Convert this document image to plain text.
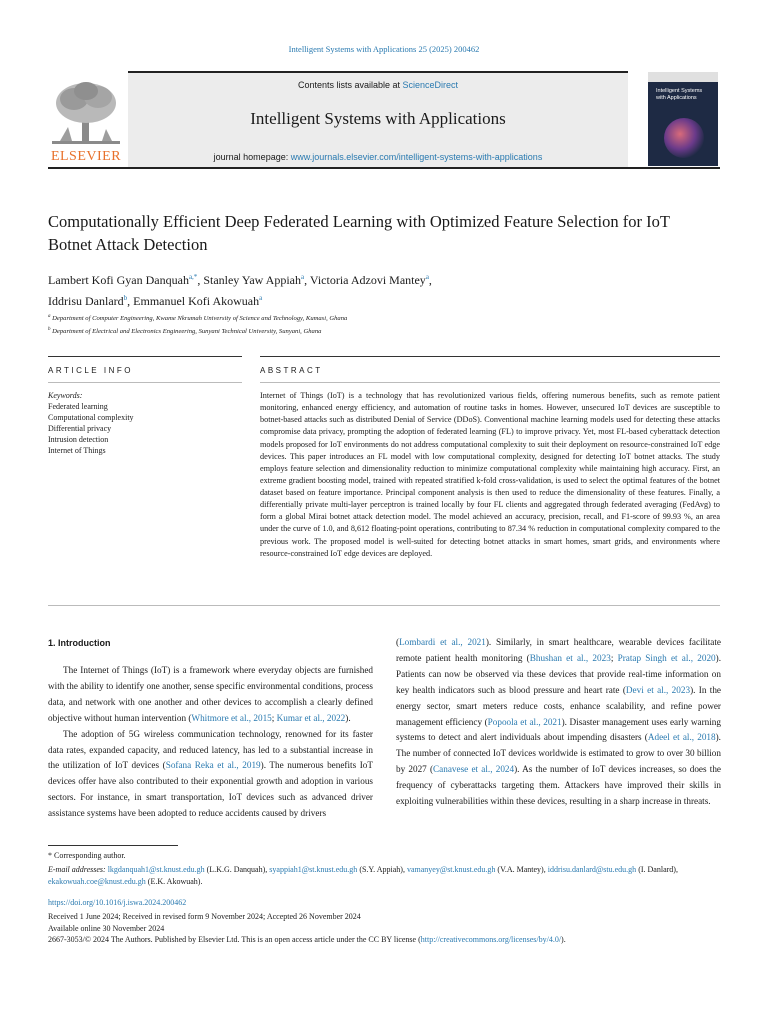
Intelligent Systems with Applications 25 (2025) 200462
ELSEVIER
Contents lists available at ScienceDirect
Intelligent Systems with Applications
journal homepage: www.journals.elsevier.com/intelligent-systems-with-applications
Intelligent Systems with Applications
Computationally Efficient Deep Federated Learning with Optimized Feature Selection for IoT Botnet Attack Detection
Lambert Kofi Gyan Danquah$^{a,*}$, Stanley Yaw Appiah$^a$, Victoria Adzovi Mantey$^a$,
Iddrisu Danlard$^b$, Emmanuel Kofi Akowuah$^a$
$^a$ Department of Computer Engineering, Kwame Nkrumah University of Science and Technology, Kumasi, Ghana
$^b$ Department of Electrical and Electronics Engineering, Sunyani Technical University, Sunyani, Ghana
ARTICLE INFO	ABSTRACT
Keywords:
Federated learning
Computational complexity
Differential privacy
Intrusion detection
Internet of Things
Internet of Things (IoT) is a technology that has revolutionized various fields, offering numerous benefits, such as remote patient monitoring, enhanced energy efficiency, and automation of routine tasks in homes. However, unsecured IoT devices are susceptible to botnet-based attacks such as distributed Denial of Service (DDoS). Conventional machine learning models used for detecting these attacks compromise data privacy, prompting the adoption of federated learning (FL) to improve privacy. Yet, most FL-based cyberattack detection models proposed for IoT environments do not address computational complexity to suit their deployment on resource-constrained IoT edge devices. This paper introduces an FL model with low computational complexity, designed for detecting IoT botnet attacks. The study employs feature selection and dimensionality reduction to minimize computational complexity while maintaining high accuracy. First, an extreme gradient boosting model, trained with repeated stratified k-fold cross-validation, is used to select the optimal features of the botnet dataset based on feature importance. Principal component analysis is then used to reduce the dimensionality of these features. Finally, a differentially private multi-layer perceptron is trained locally by four FL clients and aggregated through federated averaging (FedAvg) to form a global Mirai botnet attack detection model. The model achieved an accuracy, precision, recall, and F1-score of 99.93 %, an area under the curve of 1.0, and 8,612 floating-point operations, contributing to 87.34 % reduction in computational complexity compared to the previous work. The proposed model is well-suited for detecting botnet attacks in smart homes, smart grids, and environments where resource-constrained IoT edge devices are deployed.
1. Introduction

The Internet of Things (IoT) is a framework where everyday objects are furnished with the ability to identify one another, sense specific environmental conditions, process data, and network with one another and other devices to accomplish a clearly defined objective without human intervention (Whitmore et al., 2015; Kumar et al., 2022).

The adoption of 5G wireless communication technology, renowned for its faster data rates, expanded capacity, and reduced latency, has led to a substantial increase in the utilization of IoT devices (Sofana Reka et al., 2019). The numerous benefits IoT devices offer have also contributed to their exponential growth and adoption in various sectors. For instance, in smart transportation, IoT devices such as advanced driver assistance systems have been adopted to reduce accidents caused by drivers

(Lombardi et al., 2021). Similarly, in smart healthcare, wearable devices facilitate remote patient health monitoring (Bhushan et al., 2023; Pratap Singh et al., 2020). Patients can now be observed via these devices that provide real-time information on key health indicators such as blood pressure and heart rate (Devi et al., 2023). In the energy sector, smart meters reduce costs, enhance scalability, and refine power management efficiency (Popoola et al., 2021). Disaster management uses early warning systems to detect and alert individuals about impending disasters (Adeel et al., 2018). The number of connected IoT devices worldwide is estimated to grow to over 30 billion by 2027 (Canavese et al., 2024). As the number of IoT devices increases, so does the frequency of cyberattacks targeting them. Attackers have improved their skills in exploiting vulnerabilities within these devices, resulting in a sharp increase in threats.

* Corresponding author.
E-mail addresses: lkgdanquah1@st.knust.edu.gh (L.K.G. Danquah), syappiah1@st.knust.edu.gh (S.Y. Appiah), vamanyey@st.knust.edu.gh (V.A. Mantey), iddrisu.danlard@stu.edu.gh (I. Danlard), ekakowuah.coe@knust.edu.gh (E.K. Akowuah).
https://doi.org/10.1016/j.iswa.2024.200462
Received 1 June 2024; Received in revised form 9 November 2024; Accepted 26 November 2024
Available online 30 November 2024
2667-3053/© 2024 The Authors. Published by Elsevier Ltd. This is an open access article under the CC BY license (http://creativecommons.org/licenses/by/4.0/).
